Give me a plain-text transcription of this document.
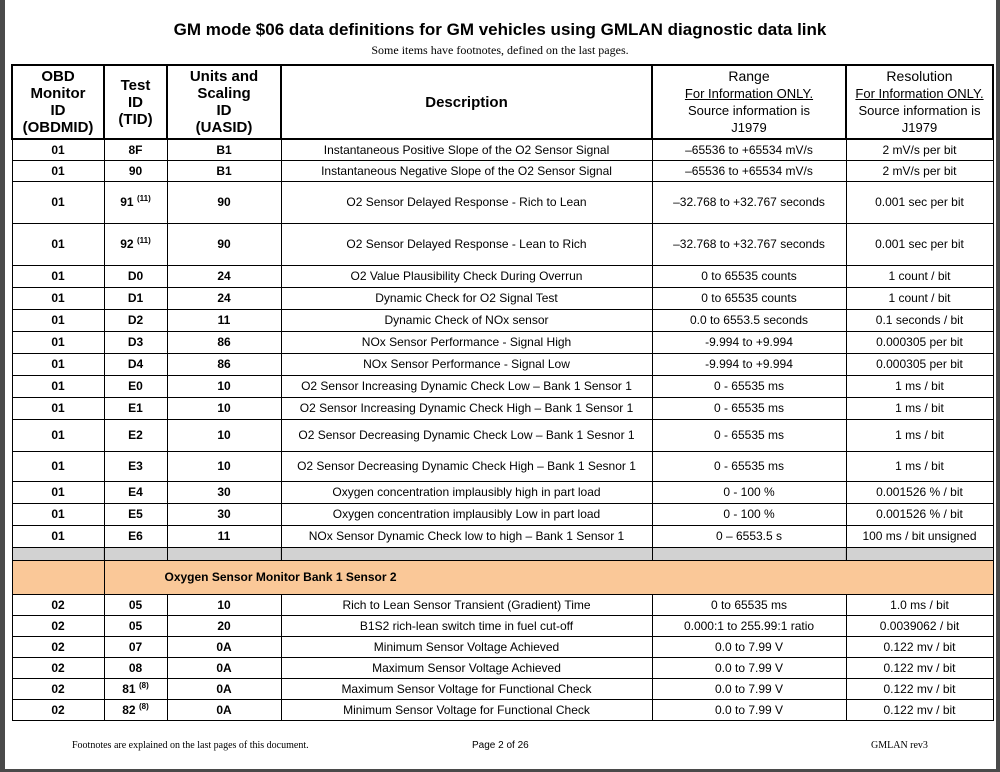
GM mode $06 data definitions for GM vehicles using GMLAN diagnostic data link
Some items have footnotes, defined on the last pages.
OBD
Monitor
ID
(OBDMID)	Test
ID
(TID)	Units and
Scaling
ID
(UASID)	Description	Range
For Information ONLY.
Source information is
J1979	Resolution
For Information ONLY.
Source information is
J1979
01	8F	B1	Instantaneous Positive Slope of the O2 Sensor Signal	–65536 to +65534 mV/s	2 mV/s per bit
01	90	B1	Instantaneous Negative Slope of the O2 Sensor Signal	–65536 to +65534 mV/s	2 mV/s per bit
01	91 $^{(11)}$	90	O2 Sensor Delayed Response - Rich to Lean	–32.768 to +32.767 seconds	0.001 sec per bit
01	92 $^{(11)}$	90	O2 Sensor Delayed Response - Lean to Rich	–32.768 to +32.767 seconds	0.001 sec per bit
01	D0	24	O2 Value Plausibility Check During Overrun	0 to 65535 counts	1 count / bit
01	D1	24	Dynamic Check for O2 Signal Test	0 to 65535 counts	1 count / bit
01	D2	11	Dynamic Check of NOx sensor	0.0 to 6553.5 seconds	0.1 seconds / bit
01	D3	86	NOx Sensor Performance - Signal High	-9.994 to +9.994	0.000305 per bit
01	D4	86	NOx Sensor Performance - Signal Low	-9.994 to +9.994	0.000305 per bit
01	E0	10	O2 Sensor Increasing Dynamic Check Low – Bank 1 Sensor 1	0 - 65535 ms	1 ms / bit
01	E1	10	O2 Sensor Increasing Dynamic Check High – Bank 1 Sensor 1	0 - 65535 ms	1 ms / bit
01	E2	10	O2 Sensor Decreasing Dynamic Check Low – Bank 1 Sesnor 1	0 - 65535 ms	1 ms / bit
01	E3	10	O2 Sensor Decreasing Dynamic Check High – Bank 1 Sesnor 1	0 - 65535 ms	1 ms / bit
01	E4	30	Oxygen concentration implausibly high in part load	0 - 100 %	0.001526 % / bit
01	E5	30	Oxygen concentration implausibly Low in part load	0 - 100 %	0.001526 % / bit
01	E6	11	NOx Sensor Dynamic Check low to high – Bank 1 Sensor 1	0 – 6553.5 s	100 ms / bit unsigned

	Oxygen Sensor Monitor Bank 1 Sensor 2				
02	05	10	Rich to Lean Sensor Transient (Gradient) Time	0 to 65535 ms	1.0 ms / bit
02	05	20	B1S2 rich-lean switch time in fuel cut-off	0.000:1 to 255.99:1 ratio	0.0039062 / bit
02	07	0A	Minimum Sensor Voltage Achieved	0.0 to 7.99 V	0.122 mv / bit
02	08	0A	Maximum Sensor Voltage Achieved	0.0 to 7.99 V	0.122 mv / bit
02	81 $^{(8)}$	0A	Maximum Sensor Voltage for Functional Check	0.0 to 7.99 V	0.122 mv / bit
02	82 $^{(8)}$	0A	Minimum Sensor Voltage for Functional Check	0.0 to 7.99 V	0.122 mv / bit
Footnotes are explained on the last pages of this document.	Page 2 of 26	GMLAN rev3
